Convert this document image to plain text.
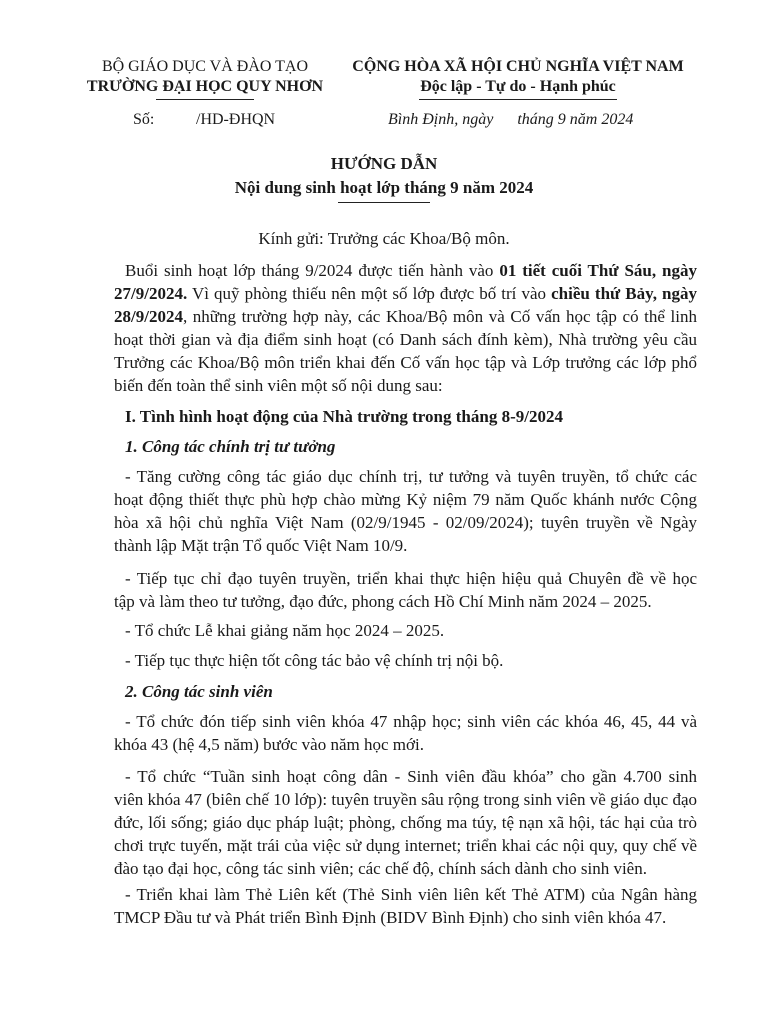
BỘ GIÁO DỤC VÀ ĐÀO TẠO
TRƯỜNG ĐẠI HỌC QUY NHƠN
CỘNG HÒA XÃ HỘI CHỦ NGHĨA VIỆT NAM
Độc lập - Tự do - Hạnh phúc
Số:	/HD-ĐHQN	Bình Định, ngày      tháng 9 năm 2024
HƯỚNG DẪN
Nội dung sinh hoạt lớp tháng 9 năm 2024
Kính gửi: Trưởng các Khoa/Bộ môn.
Buổi sinh hoạt lớp tháng 9/2024 được tiến hành vào 01 tiết cuối Thứ Sáu, ngày
27/9/2024. Vì quỹ phòng thiếu nên một số lớp được bố trí vào chiều thứ Bảy, ngày
28/9/2024, những trường hợp này, các Khoa/Bộ môn và Cố vấn học tập có thể linh
hoạt thời gian và địa điểm sinh hoạt (có Danh sách đính kèm), Nhà trường yêu cầu
Trưởng các Khoa/Bộ môn triển khai đến Cố vấn học tập và Lớp trưởng các lớp phổ
biến đến toàn thể sinh viên một số nội dung sau:
I. Tình hình hoạt động của Nhà trường trong tháng 8-9/2024
1. Công tác chính trị tư tưởng
- Tăng cường công tác giáo dục chính trị, tư tưởng và tuyên truyền, tổ chức các
hoạt động thiết thực phù hợp chào mừng Kỷ niệm 79 năm Quốc khánh nước Cộng
hòa xã hội chủ nghĩa Việt Nam (02/9/1945 - 02/09/2024); tuyên truyền về Ngày
thành lập Mặt trận Tổ quốc Việt Nam 10/9.
- Tiếp tục chỉ đạo tuyên truyền, triển khai thực hiện hiệu quả Chuyên đề về học
tập và làm theo tư tưởng, đạo đức, phong cách Hồ Chí Minh năm 2024 – 2025.
- Tổ chức Lễ khai giảng năm học 2024 – 2025.
- Tiếp tục thực hiện tốt công tác bảo vệ chính trị nội bộ.
2. Công tác sinh viên
- Tổ chức đón tiếp sinh viên khóa 47 nhập học; sinh viên các khóa 46, 45, 44 và
khóa 43 (hệ 4,5 năm) bước vào năm học mới.
- Tổ chức “Tuần sinh hoạt công dân - Sinh viên đầu khóa” cho gần 4.700 sinh
viên khóa 47 (biên chế 10 lớp): tuyên truyền sâu rộng trong sinh viên về giáo dục đạo
đức, lối sống; giáo dục pháp luật; phòng, chống ma túy, tệ nạn xã hội, tác hại của trò
chơi trực tuyến, mặt trái của việc sử dụng internet; triển khai các nội quy, quy chế về
đào tạo đại học, công tác sinh viên; các chế độ, chính sách dành cho sinh viên.
- Triển khai làm Thẻ Liên kết (Thẻ Sinh viên liên kết Thẻ ATM) của Ngân hàng
TMCP Đầu tư và Phát triển Bình Định (BIDV Bình Định) cho sinh viên khóa 47.
